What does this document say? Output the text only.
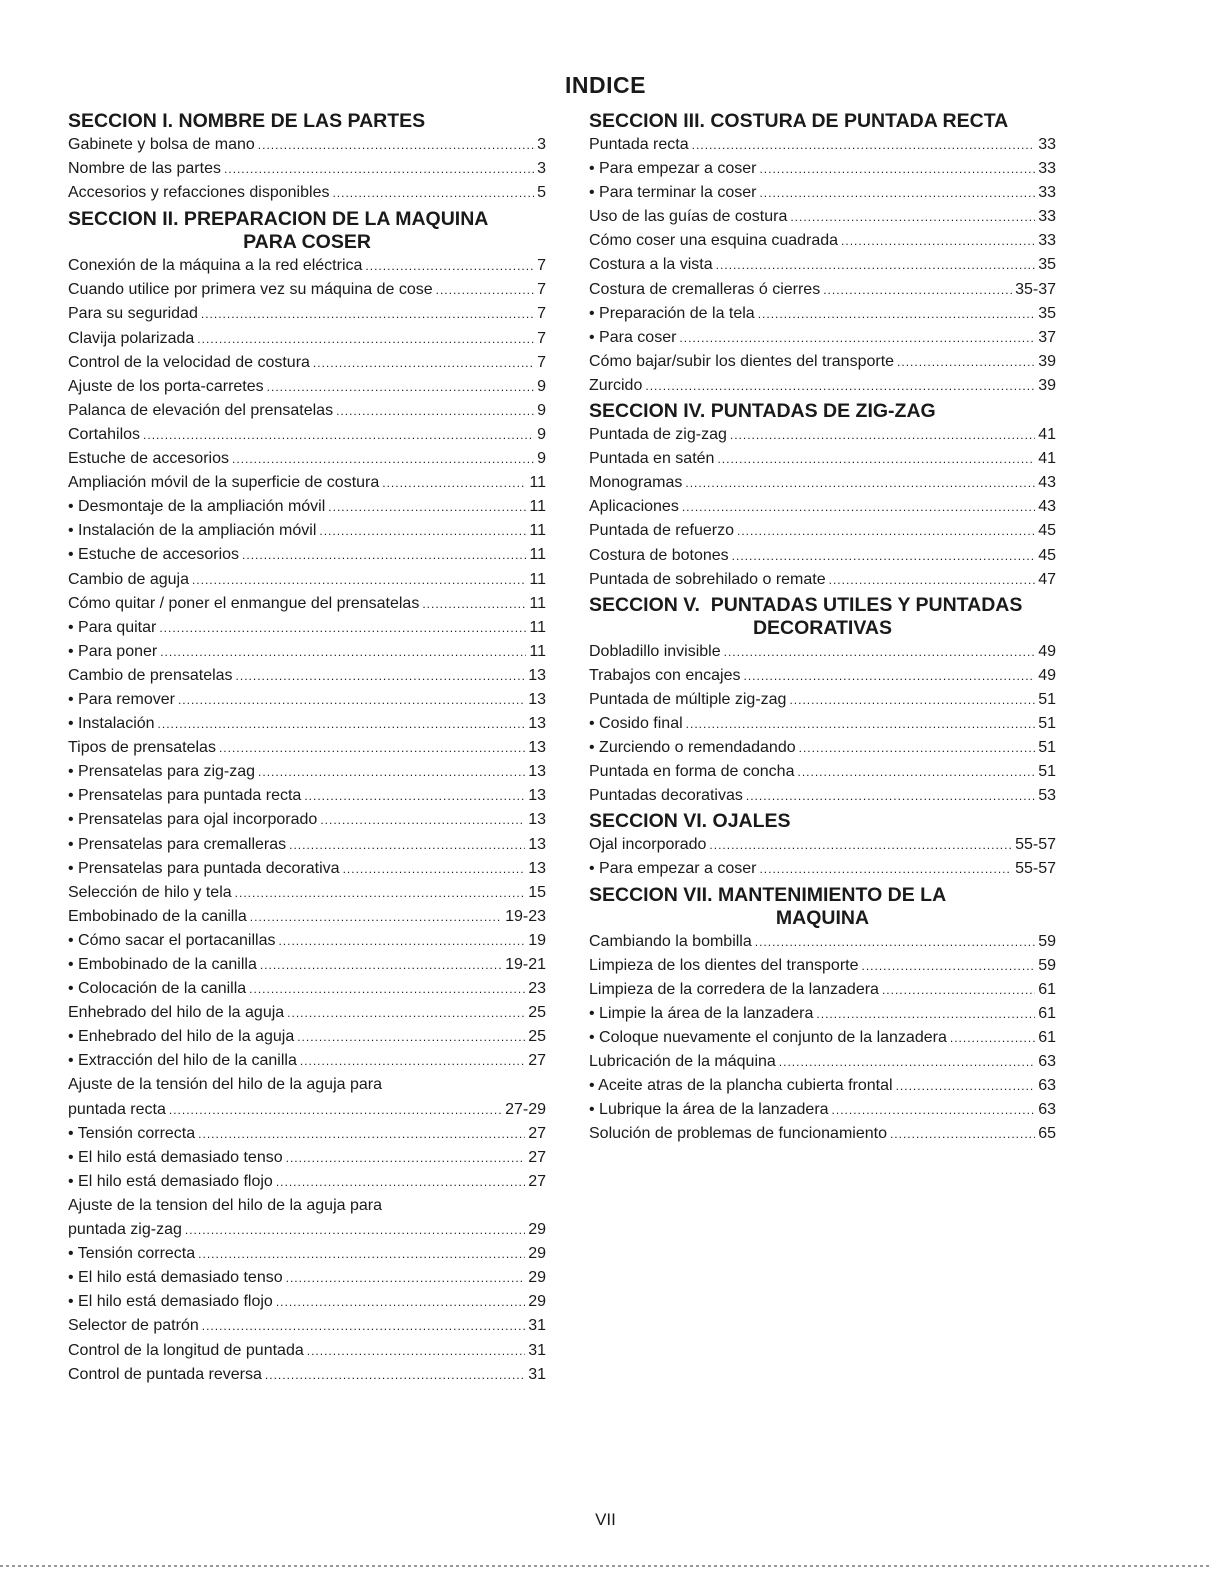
INDICE
SECCION I. NOMBRE DE LAS PARTES
Gabinete y bolsa de mano .....	3
Nombre de las partes .....	3
Accesorios y refacciones disponibles .....	5
SECCION II. PREPARACION DE LA MAQUINA
PARA COSER
Conexión de la máquina a la red eléctrica .....	7
Cuando utilice por primera vez su máquina de cose .....	7
Para su seguridad .....	7
Clavija polarizada .....	7
Control de la velocidad de costura .....	7
Ajuste de los porta-carretes .....	9
Palanca de elevación del prensatelas .....	9
Cortahilos .....	9
Estuche de accesorios .....	9
Ampliación móvil de la superficie de costura .....	11
• Desmontaje de la ampliación móvil .....	11
• Instalación de la ampliación móvil .....	11
• Estuche de accesorios .....	11
Cambio de aguja .....	11
Cómo quitar / poner el enmangue del prensatelas .....	11
• Para quitar .....	11
• Para poner .....	11
Cambio de prensatelas .....	13
• Para remover .....	13
• Instalación .....	13
Tipos de prensatelas .....	13
• Prensatelas para zig-zag .....	13
• Prensatelas para puntada recta .....	13
• Prensatelas para ojal incorporado .....	13
• Prensatelas para cremalleras .....	13
• Prensatelas para puntada decorativa .....	13
Selección de hilo y tela .....	15
Embobinado de la canilla .....	19-23
• Cómo sacar el portacanillas .....	19
• Embobinado de la canilla .....	19-21
• Colocación de la canilla .....	23
Enhebrado del hilo de la aguja .....	25
• Enhebrado del hilo de la aguja .....	25
• Extracción del hilo de la canilla .....	27
Ajuste de la tensión del hilo de la aguja para
puntada recta .....	27-29
• Tensión correcta .....	27
• El hilo está demasiado tenso .....	27
• El hilo está demasiado flojo .....	27
Ajuste de la tension del hilo de la aguja para
puntada zig-zag .....	29
• Tensión correcta .....	29
• El hilo está demasiado tenso .....	29
• El hilo está demasiado flojo .....	29
Selector de patrón .....	31
Control de la longitud de puntada .....	31
Control de puntada reversa .....	31
SECCION III. COSTURA DE PUNTADA RECTA
Puntada recta .....	33
• Para empezar a coser .....	33
• Para terminar la coser .....	33
Uso de las guías de costura .....	33
Cómo coser una esquina cuadrada .....	33
Costura a la vista .....	35
Costura de cremalleras ó cierres .....	35-37
• Preparación de la tela .....	35
• Para coser .....	37
Cómo bajar/subir los dientes del transporte .....	39
Zurcido .....	39
SECCION IV. PUNTADAS DE ZIG-ZAG
Puntada de zig-zag .....	41
Puntada en satén .....	41
Monogramas .....	43
Aplicaciones .....	43
Puntada de refuerzo .....	45
Costura de botones .....	45
Puntada de sobrehilado o remate .....	47
SECCION V.  PUNTADAS UTILES Y PUNTADAS
DECORATIVAS
Dobladillo invisible .....	49
Trabajos con encajes .....	49
Puntada de múltiple zig-zag .....	51
• Cosido final .....	51
• Zurciendo o remendadando .....	51
Puntada en forma de concha .....	51
Puntadas decorativas .....	53
SECCION VI. OJALES
Ojal incorporado .....	55-57
• Para empezar a coser .....	55-57
SECCION VII. MANTENIMIENTO DE LA
MAQUINA
Cambiando la bombilla .....	59
Limpieza de los dientes del transporte .....	59
Limpieza de la corredera de la lanzadera .....	61
• Limpie la área de la lanzadera .....	61
• Coloque nuevamente el conjunto de la lanzadera .....	61
Lubricación de la máquina .....	63
• Aceite atras de la plancha cubierta frontal .....	63
• Lubrique la área de la lanzadera .....	63
Solución de problemas de funcionamiento .....	65
VII
